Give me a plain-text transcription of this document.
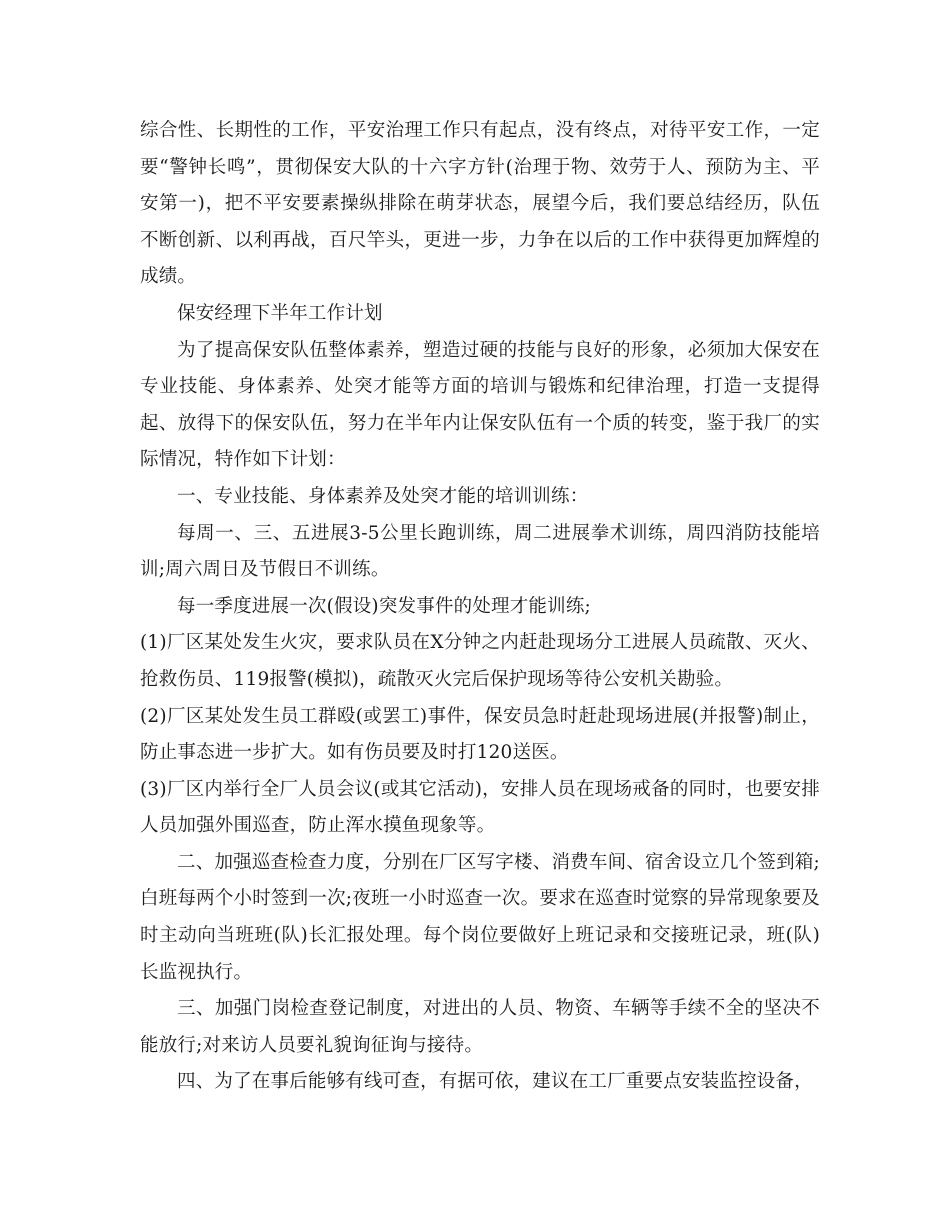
综合性、长期性的工作，平安治理工作只有起点，没有终点，对待平安工作，一定要“警钟长鸣”，贯彻保安大队的十六字方针(治理于物、效劳于人、预防为主、平安第一)，把不平安要素操纵排除在萌芽状态，展望今后，我们要总结经历，队伍不断创新、以利再战，百尺竿头，更进一步，力争在以后的工作中获得更加辉煌的成绩。

保安经理下半年工作计划

为了提高保安队伍整体素养，塑造过硬的技能与良好的形象，必须加大保安在专业技能、身体素养、处突才能等方面的培训与锻炼和纪律治理，打造一支提得起、放得下的保安队伍，努力在半年内让保安队伍有一个质的转变，鉴于我厂的实际情况，特作如下计划：

一、专业技能、身体素养及处突才能的培训训练：

每周一、三、五进展3-5公里长跑训练，周二进展拳术训练，周四消防技能培训;周六周日及节假日不训练。

每一季度进展一次(假设)突发事件的处理才能训练;

(1)厂区某处发生火灾，要求队员在X分钟之内赶赴现场分工进展人员疏散、灭火、抢救伤员、119报警(模拟)，疏散灭火完后保护现场等待公安机关勘验。

(2)厂区某处发生员工群殴(或罢工)事件，保安员急时赶赴现场进展(并报警)制止，防止事态进一步扩大。如有伤员要及时打120送医。

(3)厂区内举行全厂人员会议(或其它活动)，安排人员在现场戒备的同时，也要安排人员加强外围巡查，防止浑水摸鱼现象等。

二、加强巡查检查力度，分别在厂区写字楼、消费车间、宿舍设立几个签到箱;白班每两个小时签到一次;夜班一小时巡查一次。要求在巡查时觉察的异常现象要及时主动向当班班(队)长汇报处理。每个岗位要做好上班记录和交接班记录，班(队)长监视执行。

三、加强门岗检查登记制度，对进出的人员、物资、车辆等手续不全的坚决不能放行;对来访人员要礼貌询征询与接待。

四、为了在事后能够有线可查，有据可依，建议在工厂重要点安装监控设备，
